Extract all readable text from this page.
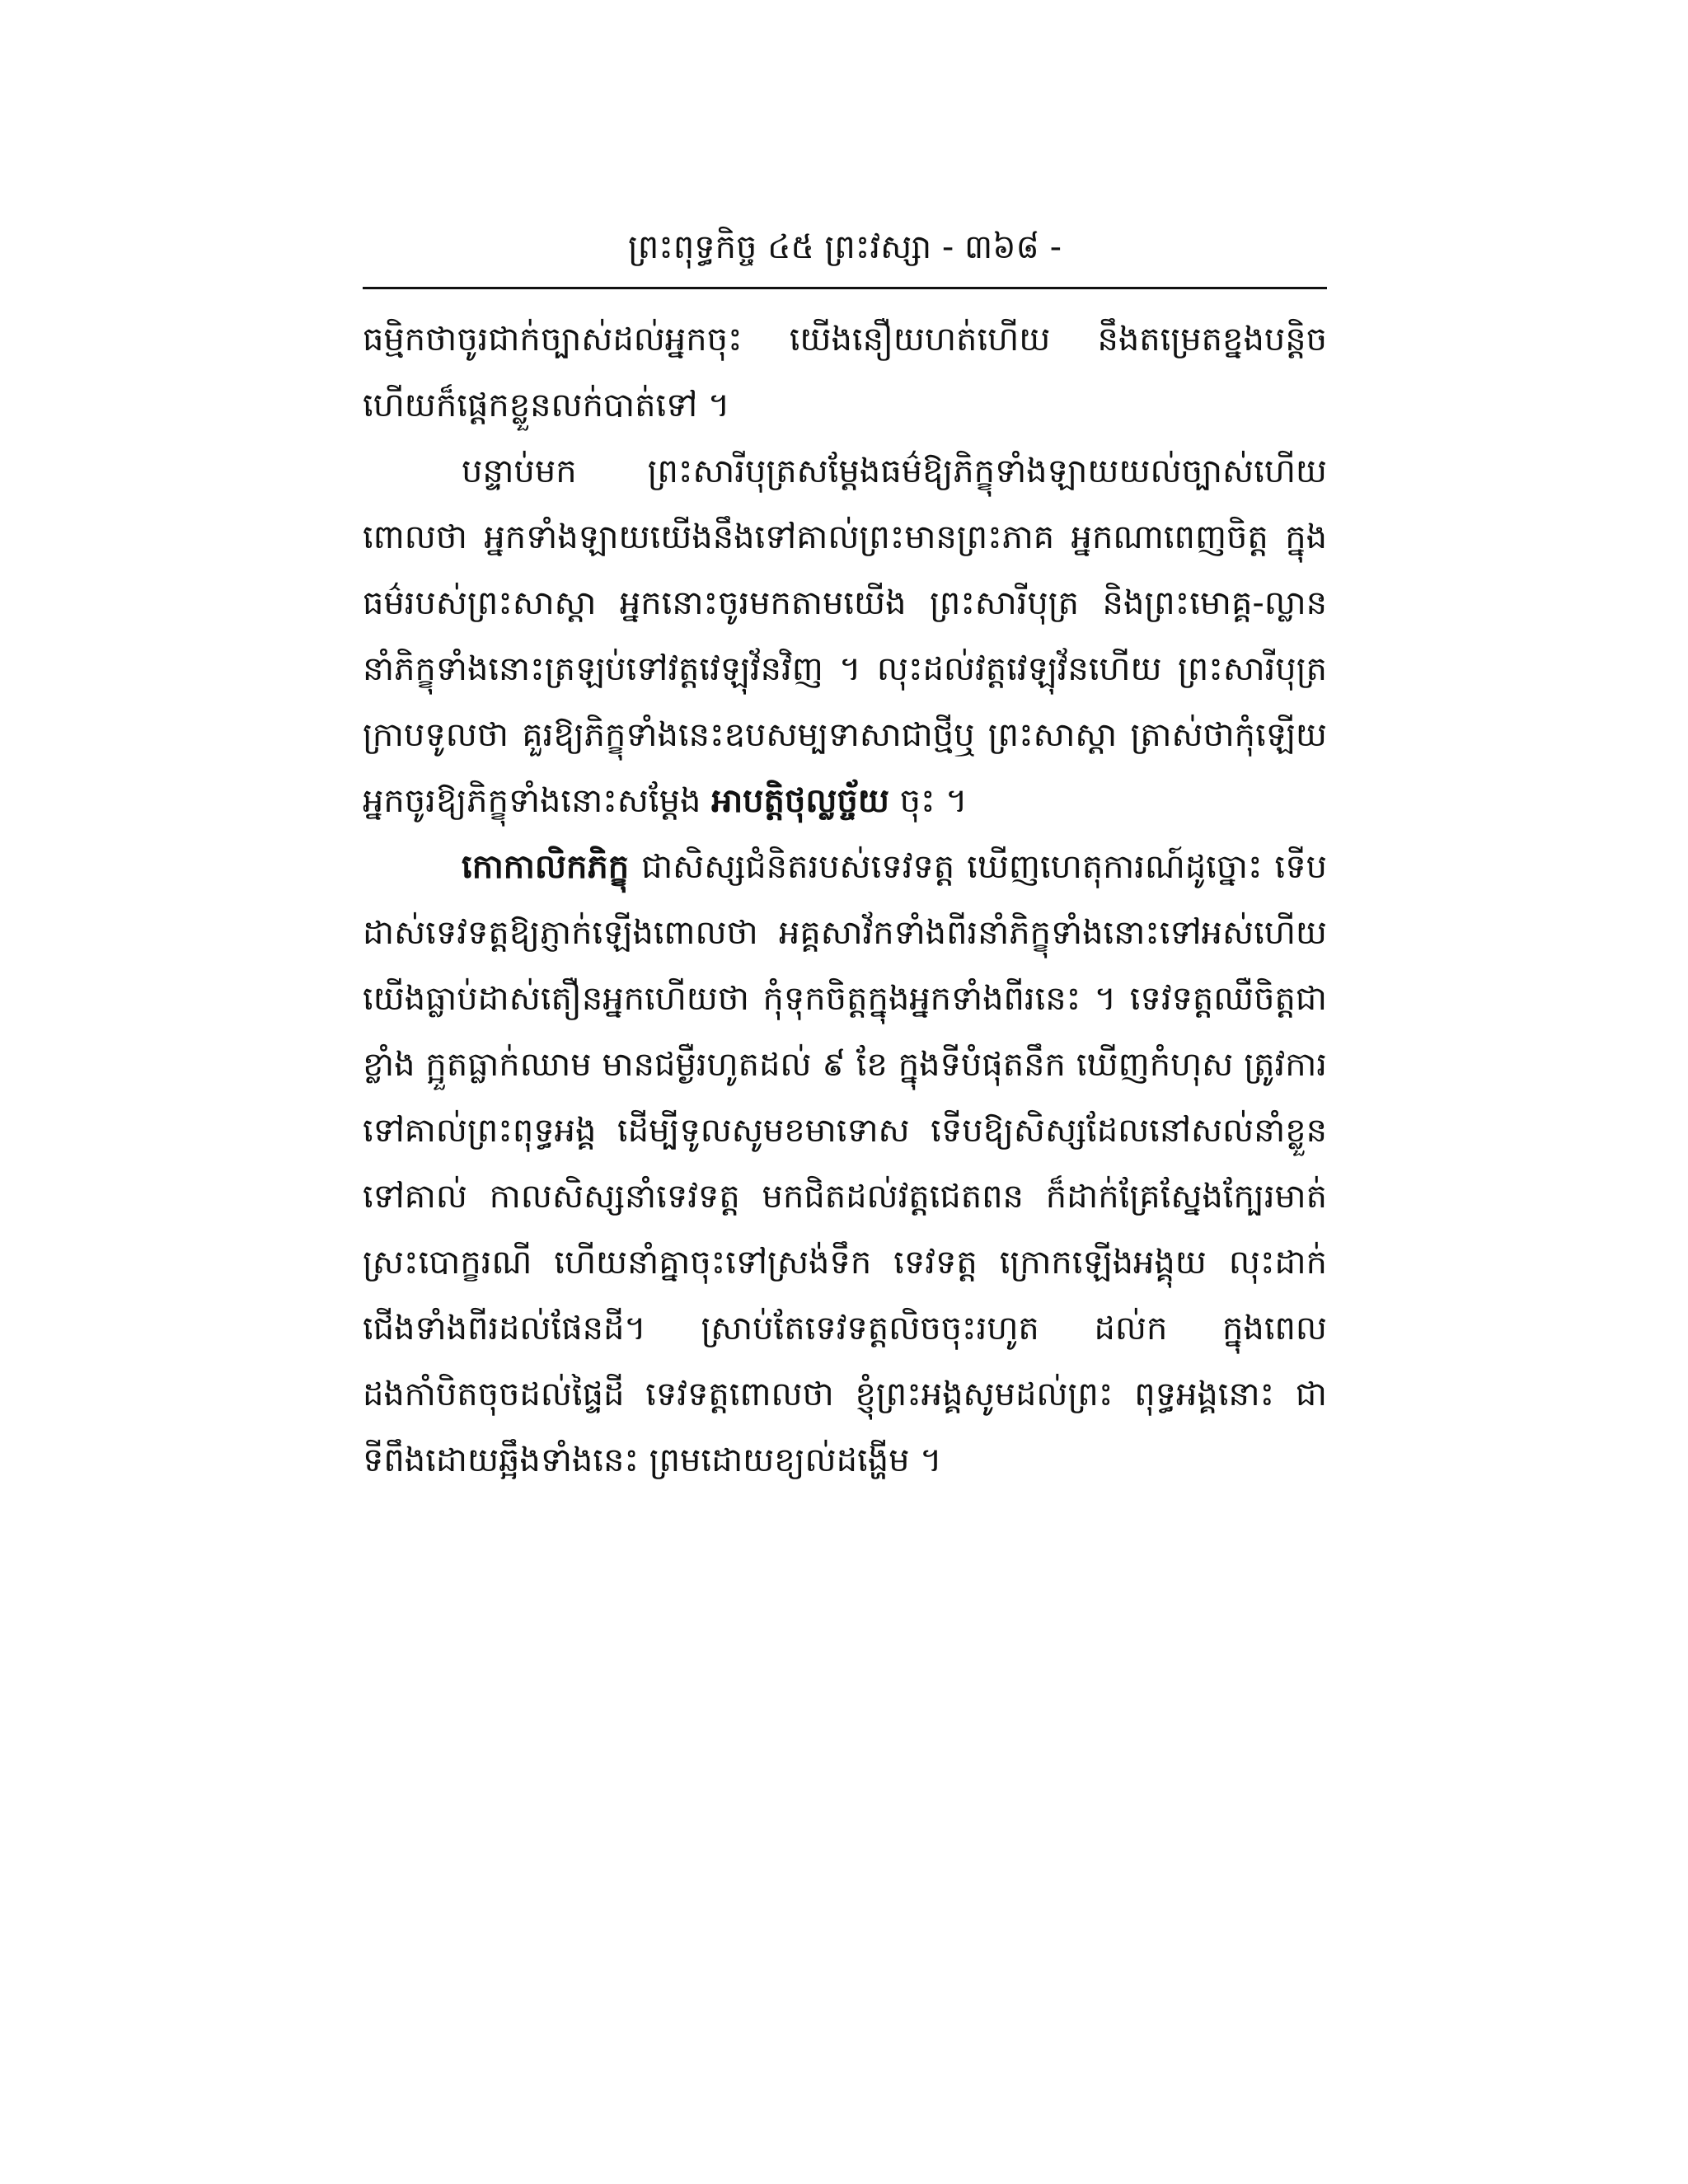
ព្រះពុទ្ធកិច្ច ៤៥ ព្រះវស្សា - ៣៦៨ -

ធម្មិកថាចូរជាក់ច្បាស់ដល់អ្នកចុះ យើងនឿយហត់ហើយ នឹងតម្រេតខ្នងបន្តិច ហើយក៏ផ្ដេកខ្លួនលក់បាត់ទៅ ។

បន្ទាប់មក ព្រះសារីបុត្រសម្ដែងធម៌ឱ្យភិក្ខុទាំងឡាយយល់ច្បាស់ហើយ ពោលថា អ្នកទាំងឡាយយើងនឹងទៅគាល់ព្រះមានព្រះភាគ អ្នកណាពេញចិត្ត ក្នុងធម៌របស់ព្រះសាស្ដា អ្នកនោះចូរមកតាមយើង ព្រះសារីបុត្រ និងព្រះមោគ្គ-ល្លាន នាំភិក្ខុទាំងនោះត្រឡប់ទៅវត្តវេឡុវ័នវិញ ។ លុះដល់វត្តវេឡុវ័នហើយ ព្រះសារីបុត្រក្រាបទូលថា គួរឱ្យភិក្ខុទាំងនេះឧបសម្បទាសាជាថ្មីឬ ព្រះសាស្ដា ត្រាស់ថាកុំឡើយ អ្នកចូរឱ្យភិក្ខុទាំងនោះសម្ដែង អាបត្តិថុល្លច្ច័យ ចុះ ។

កោកាលិកភិក្ខុ ជាសិស្សជំនិតរបស់ទេវទត្ត ឃើញហេតុការណ៍ដូច្នោះ ទើបដាស់ទេវទត្តឱ្យភ្ញាក់ឡើងពោលថា អគ្គសាវ័កទាំងពីរនាំភិក្ខុទាំងនោះទៅអស់ហើយ យើងធ្លាប់ដាស់តឿនអ្នកហើយថា កុំទុកចិត្តក្នុងអ្នកទាំងពីរនេះ ។ ទេវទត្តឈឺចិត្តជាខ្លាំង ក្អួតធ្លាក់ឈាម មានជម្ងឺរហូតដល់ ៩ ខែ ក្នុងទីបំផុតនឹក ឃើញកំហុស ត្រូវការទៅគាល់ព្រះពុទ្ធអង្គ ដើម្បីទូលសូមខមាទោស ទើបឱ្យសិស្សដែលនៅសល់នាំខ្លួនទៅគាល់ កាលសិស្សនាំទេវទត្ត មកជិតដល់វត្តជេតពន ក៏ដាក់គ្រែស្នែងក្បែរមាត់ស្រះបោក្ខរណី ហើយនាំគ្នាចុះទៅស្រង់ទឹក ទេវទត្ត ក្រោកឡើងអង្គុយ លុះដាក់ជើងទាំងពីរដល់ផែនដី។ ស្រាប់តែទេវទត្តលិចចុះរហូត ដល់ក ក្នុងពេលដងកាំបិតចុចដល់ផ្ទៃដី ទេវទត្តពោលថា ខ្ញុំព្រះអង្គសូមដល់ព្រះ ពុទ្ធអង្គនោះ ជាទីពឹងដោយឆ្អឹងទាំងនេះ ព្រមដោយខ្យល់ដង្ហើម ។
